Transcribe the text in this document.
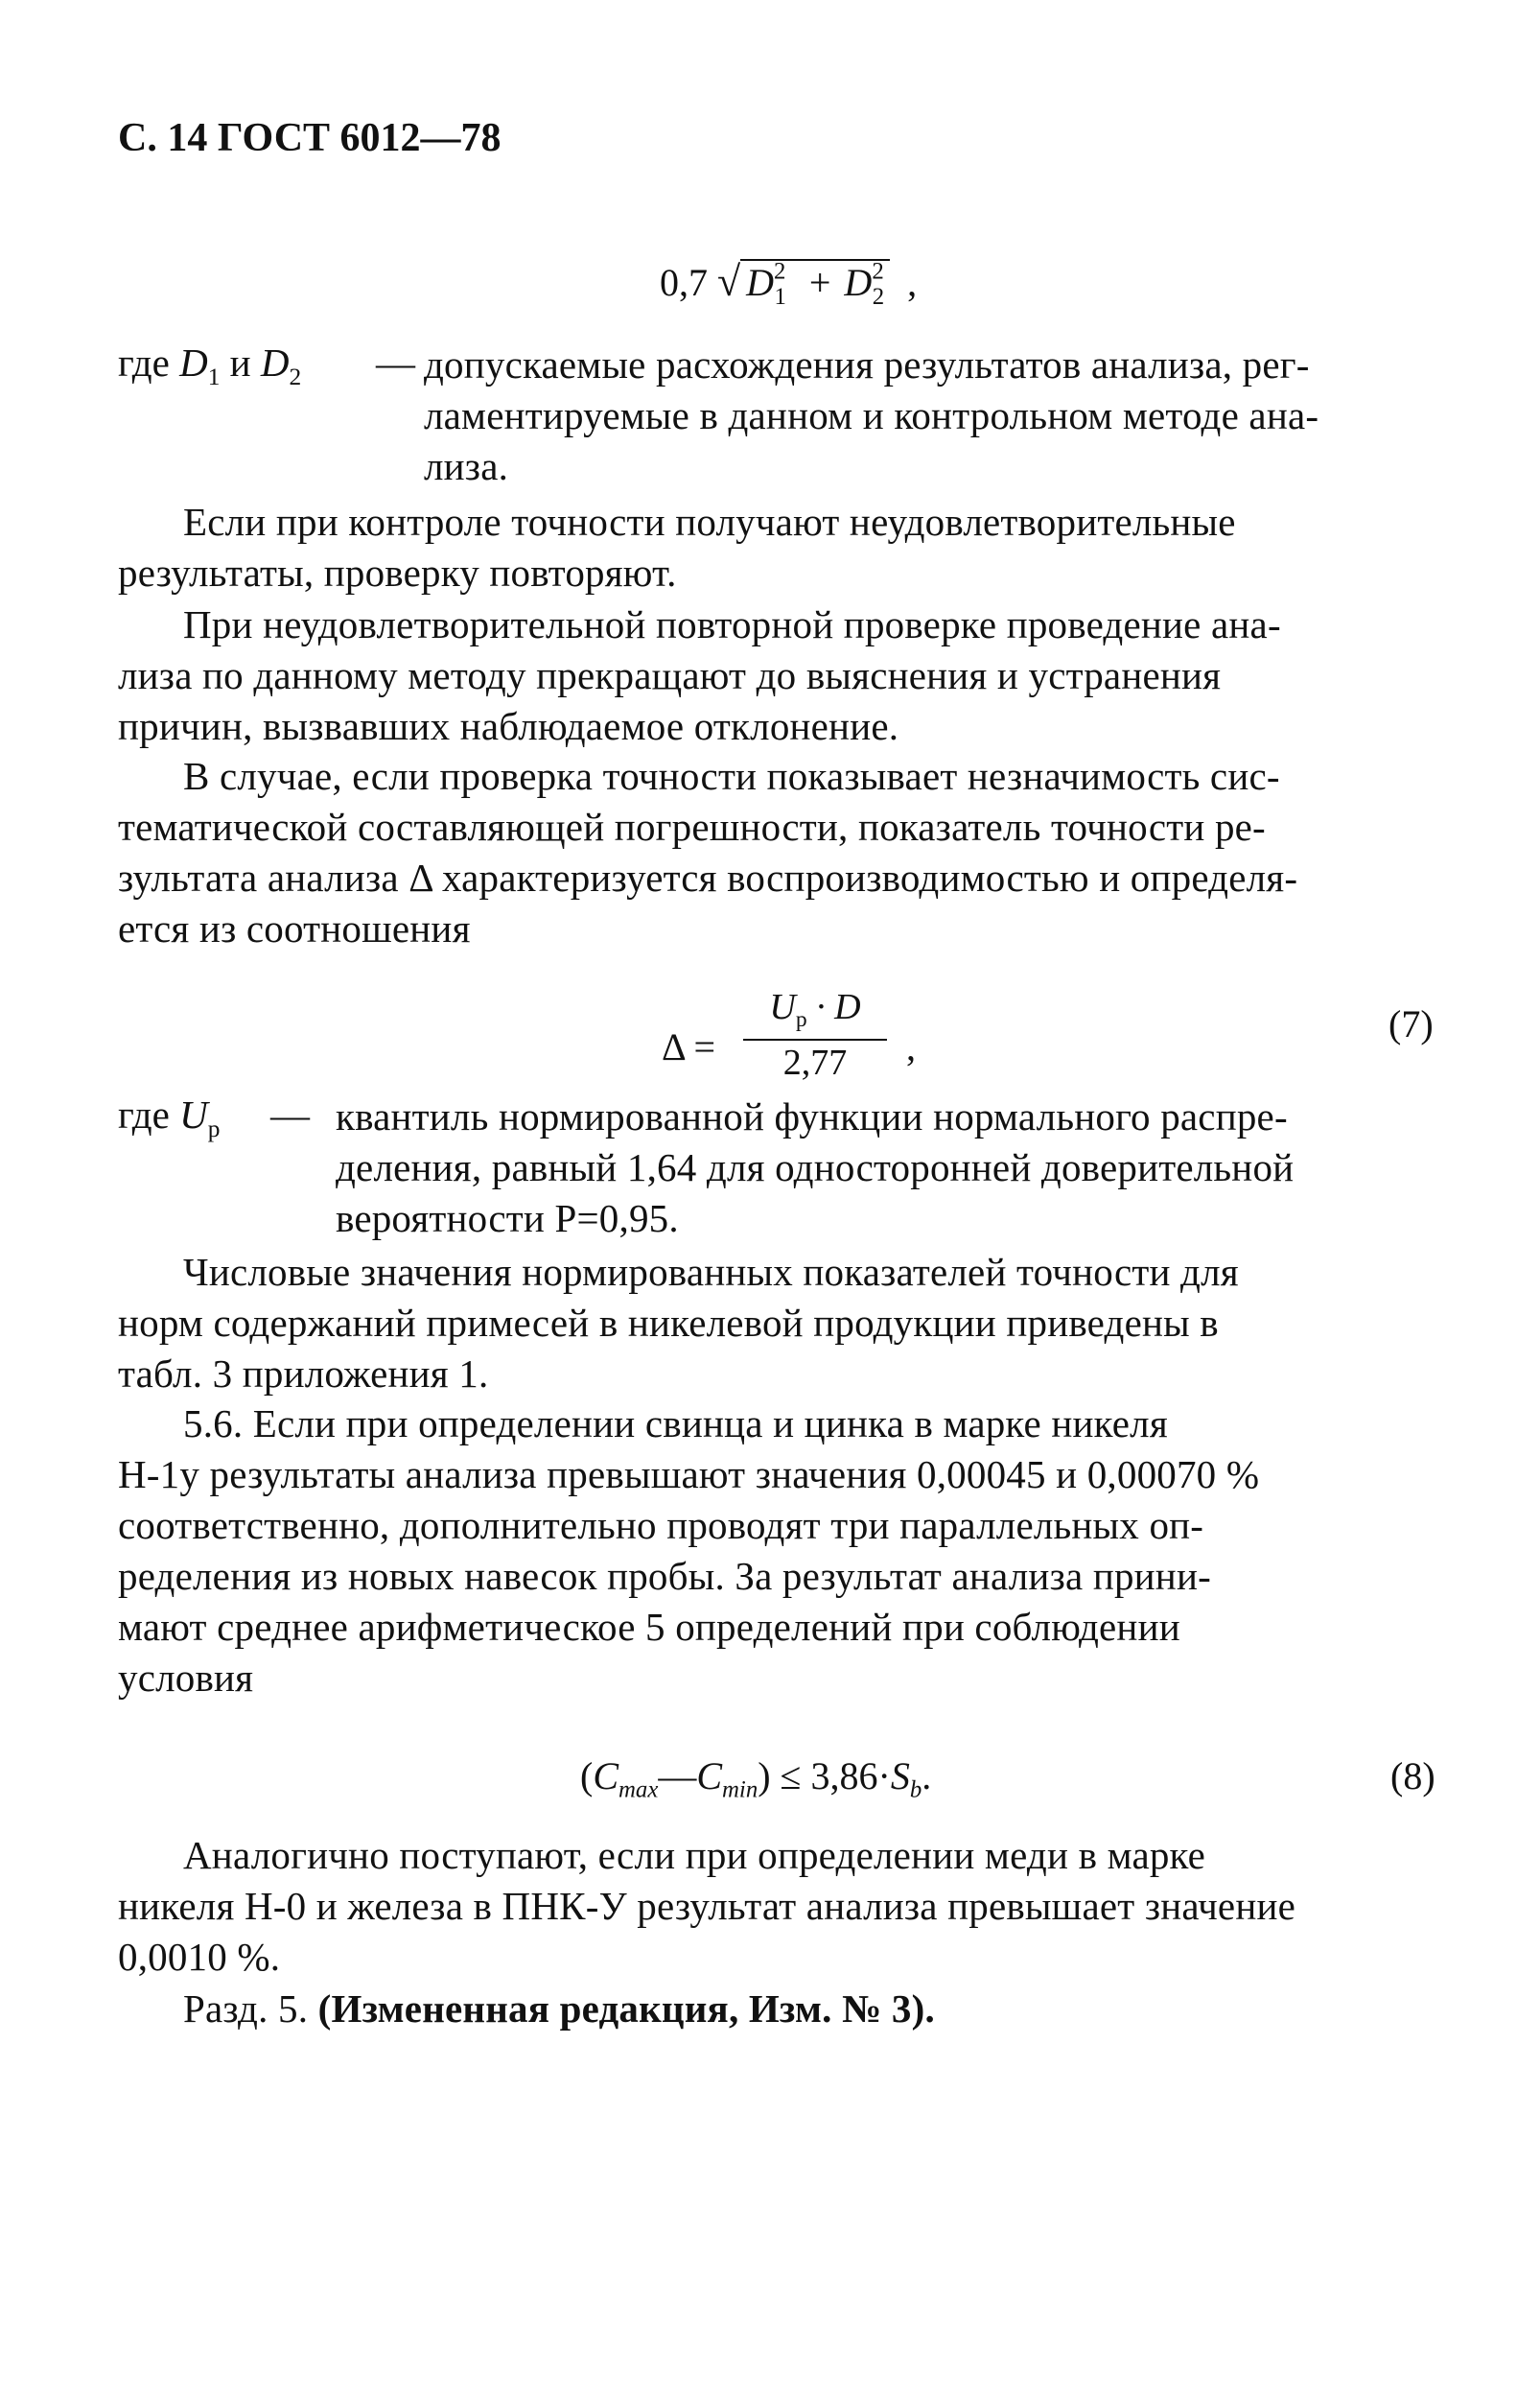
С. 14 ГОСТ 6012—78
0,7 √ $D^2_1 + D^2_2$ ,
где $D_1$ и $D_2$ — допускаемые расхождения результатов анализа, рег-
ламентируемые в данном и контрольном методе ана-
лиза.
Если при контроле точности получают неудовлетворительные
результаты, проверку повторяют.
При неудовлетворительной повторной проверке проведение ана-
лиза по данному методу прекращают до выяснения и устранения
причин, вызвавших наблюдаемое отклонение.
В случае, если проверка точности показывает незначимость сис-
тематической составляющей погрешности, показатель точности ре-
зультата анализа Δ характеризуется воспроизводимостью и определя-
ется из соотношения
Δ =
$U_p \cdot D$
2,77	,
(7)
где $U_p$ — квантиль нормированной функции нормального распре-
деления, равный 1,64 для односторонней доверительной
вероятности P=0,95.
Числовые значения нормированных показателей точности для
норм содержаний примесей в никелевой продукции приведены в
табл. 3 приложения 1.
5.6. Если при определении свинца и цинка в марке никеля
Н-1у результаты анализа превышают значения 0,00045 и 0,00070 %
соответственно, дополнительно проводят три параллельных оп-
ределения из новых навесок пробы. За результат анализа прини-
мают среднее арифметическое 5 определений при соблюдении
условия
$(C_{max}—C_{min}) \le 3,86\cdot S_b$.	(8)
Аналогично поступают, если при определении меди в марке
никеля Н-0 и железа в ПНК-У результат анализа превышает значение
0,0010 %.
Разд. 5. (Измененная редакция, Изм. № 3).
